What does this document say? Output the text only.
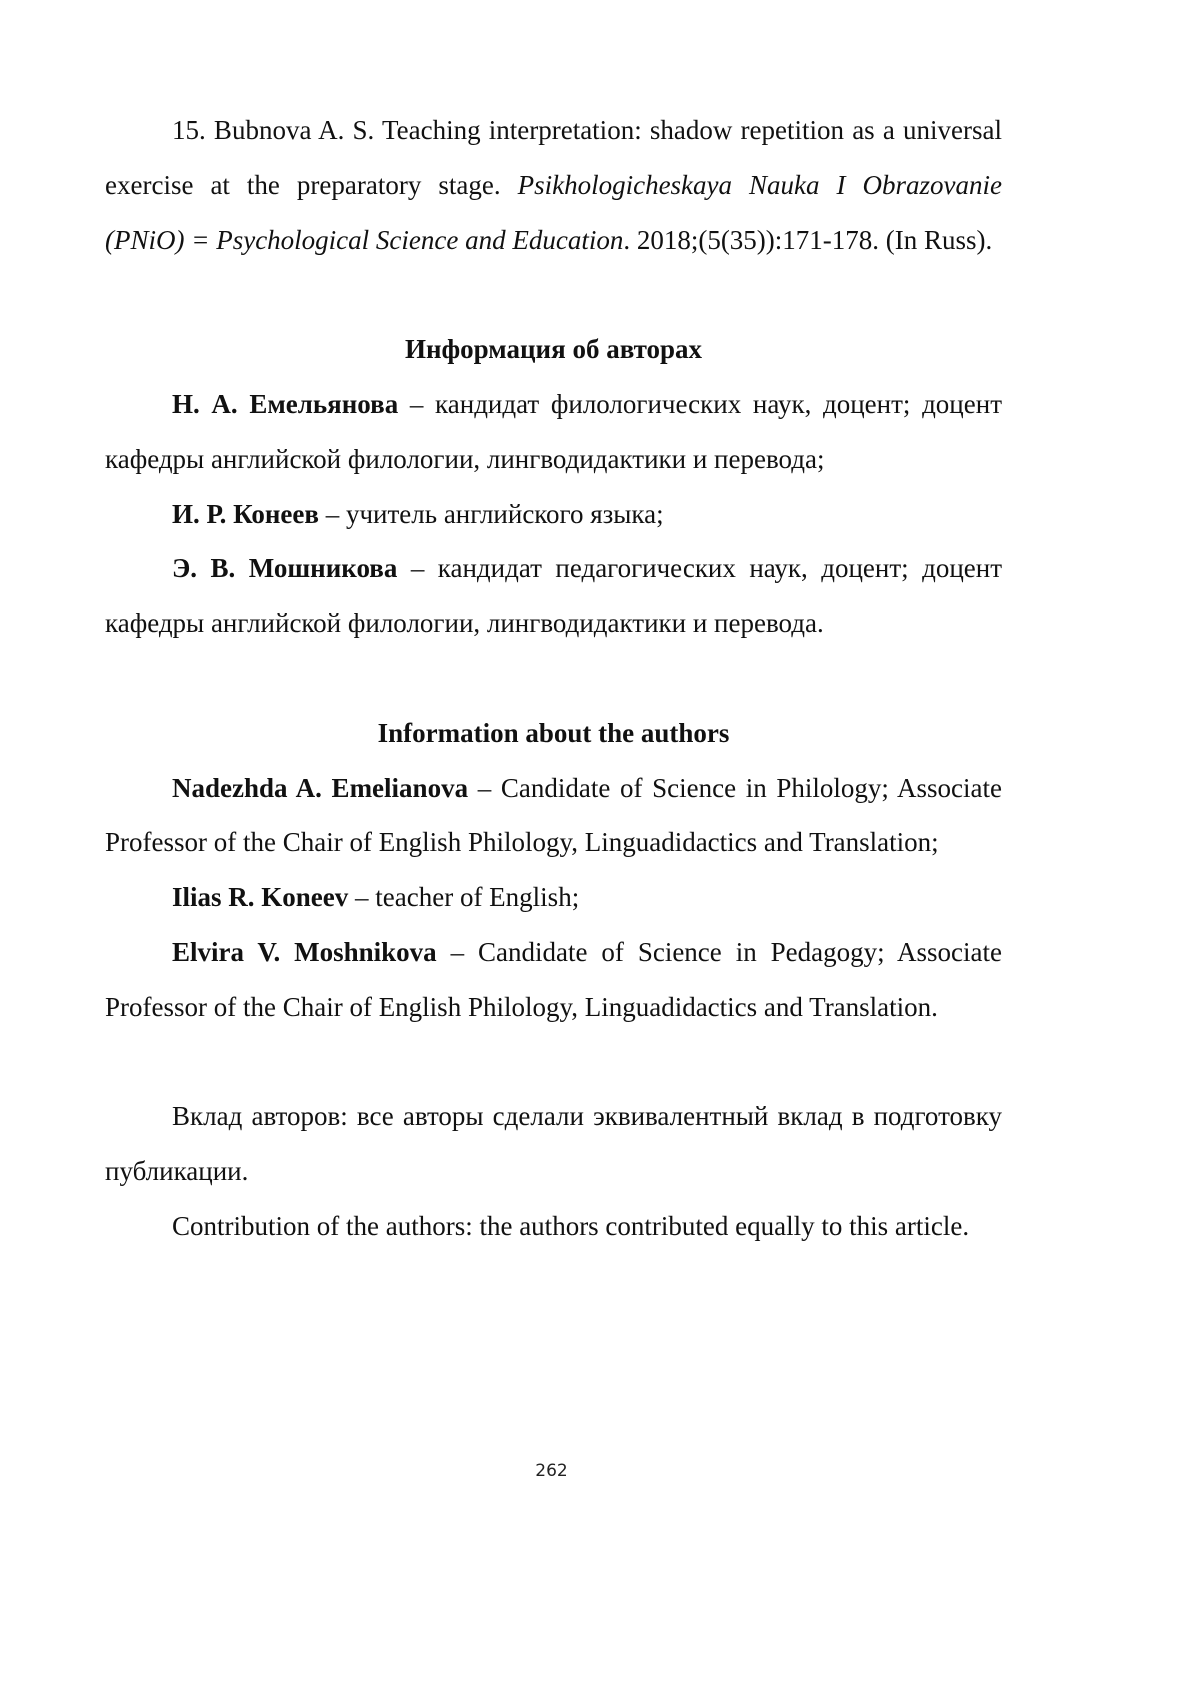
15. Bubnova A. S. Teaching interpretation: shadow repetition as a universal exercise at the preparatory stage. Psikhologicheskaya Nauka I Obrazovanie (PNiO) = Psychological Science and Education. 2018;(5(35)):171-178. (In Russ).

Информация об авторах

Н. А. Емельянова – кандидат филологических наук, доцент; доцент кафедры английской филологии, лингводидактики и перевода;

И. Р. Конеев – учитель английского языка;

Э. В. Мошникова – кандидат педагогических наук, доцент; доцент кафедры английской филологии, лингводидактики и перевода.

Information about the authors

Nadezhda A. Emelianova – Candidate of Science in Philology; Associate Professor of the Chair of English Philology, Linguadidactics and Translation;

Ilias R. Koneev – teacher of English;

Elvira V. Moshnikova – Candidate of Science in Pedagogy; Associate Professor of the Chair of English Philology, Linguadidactics and Translation.

Вклад авторов: все авторы сделали эквивалентный вклад в подготовку публикации.

Contribution of the authors: the authors contributed equally to this article.

262
